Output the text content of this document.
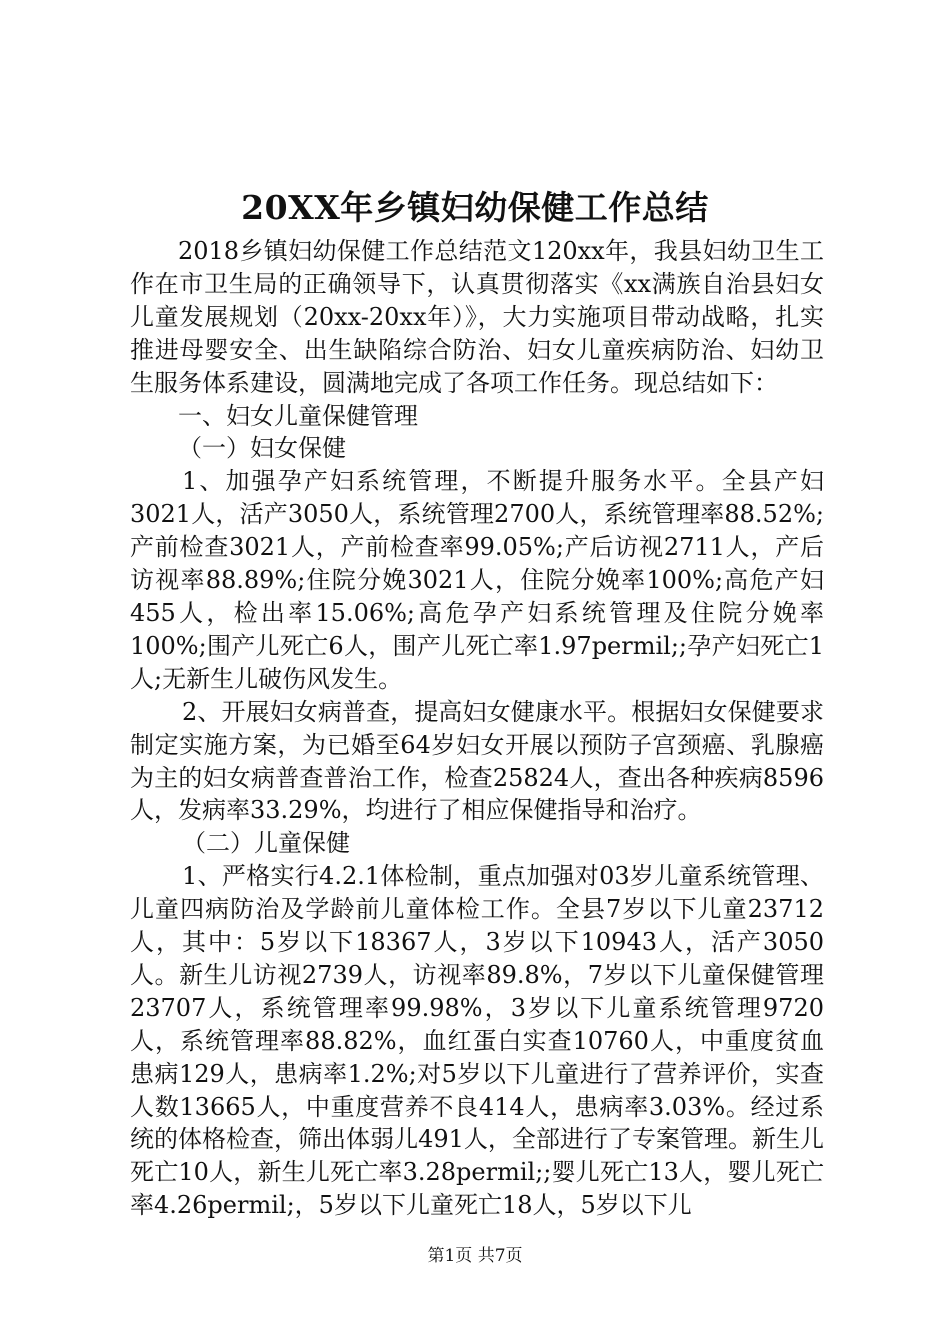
20XX年乡镇妇幼保健工作总结

2018乡镇妇幼保健工作总结范文120xx年，我县妇幼卫生工作在市卫生局的正确领导下，认真贯彻落实《xx满族自治县妇女儿童发展规划（20xx-20xx年）》，大力实施项目带动战略，扎实推进母婴安全、出生缺陷综合防治、妇女儿童疾病防治、妇幼卫生服务体系建设，圆满地完成了各项工作任务。现总结如下：

一、妇女儿童保健管理

（一）妇女保健

1、加强孕产妇系统管理，不断提升服务水平。全县产妇3021人，活产3050人，系统管理2700人，系统管理率88.52%;产前检查3021人，产前检查率99.05%;产后访视2711人，产后访视率88.89%;住院分娩3021人，住院分娩率100%;高危产妇455人，检出率15.06%;高危孕产妇系统管理及住院分娩率100%;围产儿死亡6人，围产儿死亡率1.97permil;;孕产妇死亡1人;无新生儿破伤风发生。

2、开展妇女病普查，提高妇女健康水平。根据妇女保健要求制定实施方案，为已婚至64岁妇女开展以预防子宫颈癌、乳腺癌为主的妇女病普查普治工作，检查25824人，查出各种疾病8596人，发病率33.29%，均进行了相应保健指导和治疗。

（二）儿童保健

1、严格实行4.2.1体检制，重点加强对03岁儿童系统管理、儿童四病防治及学龄前儿童体检工作。全县7岁以下儿童23712人，其中：5岁以下18367人，3岁以下10943人，活产3050人。新生儿访视2739人，访视率89.8%，7岁以下儿童保健管理23707人，系统管理率99.98%，3岁以下儿童系统管理9720人，系统管理率88.82%，血红蛋白实查10760人，中重度贫血患病129人，患病率1.2%;对5岁以下儿童进行了营养评价，实查人数13665人，中重度营养不良414人，患病率3.03%。经过系统的体格检查，筛出体弱儿491人，全部进行了专案管理。新生儿死亡10人，新生儿死亡率3.28permil;;婴儿死亡13人，婴儿死亡率4.26permil;，5岁以下儿童死亡18人，5岁以下儿

第1页 共7页
